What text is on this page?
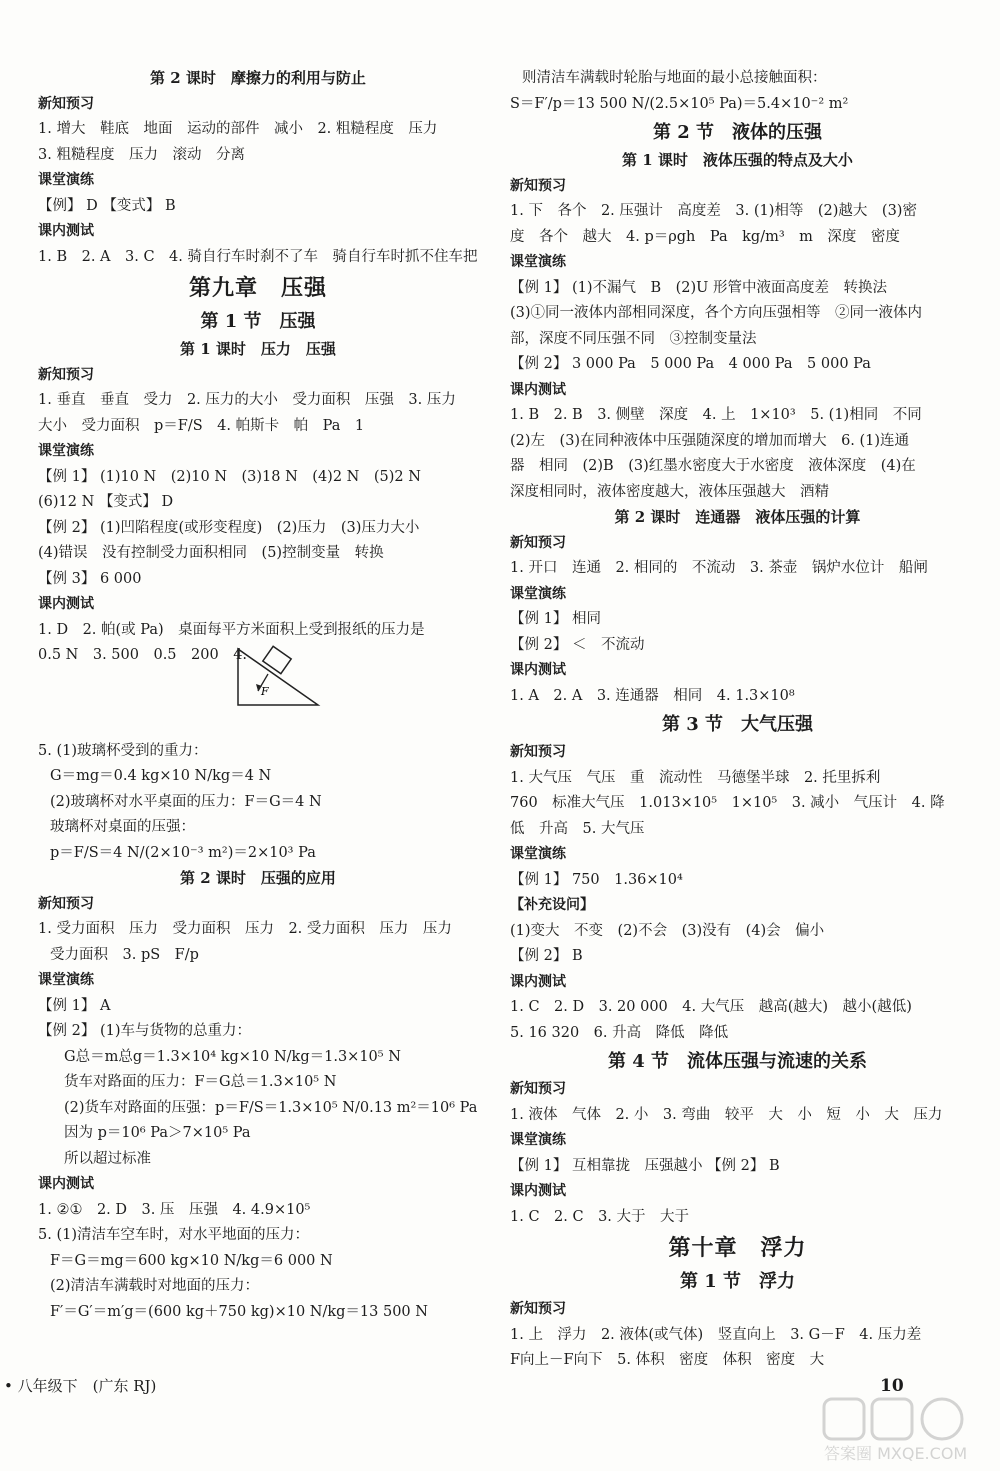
第 2 课时　摩擦力的利用与防止
新知预习
1. 增大　鞋底　地面　运动的部件　减小　2. 粗糙程度　压力
3. 粗糙程度　压力　滚动　分离
课堂演练
【例】 D 【变式】 B
课内测试
1. B　2. A　3. C　4. 骑自行车时刹不了车　骑自行车时抓不住车把
第九章　压强
第 1 节　压强
第 1 课时　压力　压强
新知预习
1. 垂直　垂直　受力　2. 压力的大小　受力面积　压强　3. 压力
大小　受力面积　p＝F/S　4. 帕斯卡　帕　Pa　1
课堂演练
【例 1】 (1)10 N　(2)10 N　(3)18 N　(4)2 N　(5)2 N
(6)12 N 【变式】 D
【例 2】 (1)凹陷程度(或形变程度)　(2)压力　(3)压力大小
(4)错误　没有控制受力面积相同　(5)控制变量　转换
【例 3】 6 000
课内测试
1. D　2. 帕(或 Pa)　桌面每平方米面积上受到报纸的压力是
0.5 N　3. 500　0.5　200　4.
F
5. (1)玻璃杯受到的重力：
G＝mg＝0.4 kg×10 N/kg＝4 N
(2)玻璃杯对水平桌面的压力：F＝G＝4 N
玻璃杯对桌面的压强：
p＝F/S＝4 N/(2×10⁻³ m²)＝2×10³ Pa
第 2 课时　压强的应用
新知预习
1. 受力面积　压力　受力面积　压力　2. 受力面积　压力　压力
受力面积　3. pS　F/p
课堂演练
【例 1】 A
【例 2】 (1)车与货物的总重力：
G总＝m总g＝1.3×10⁴ kg×10 N/kg＝1.3×10⁵ N
货车对路面的压力：F＝G总＝1.3×10⁵ N
(2)货车对路面的压强：p＝F/S＝1.3×10⁵ N/0.13 m²＝10⁶ Pa
因为 p＝10⁶ Pa＞7×10⁵ Pa
所以超过标准
课内测试
1. ②①　2. D　3. 压　压强　4. 4.9×10⁵
5. (1)清洁车空车时，对水平地面的压力：
F＝G＝mg＝600 kg×10 N/kg＝6 000 N
(2)清洁车满载时对地面的压力：
F′＝G′＝m′g＝(600 kg＋750 kg)×10 N/kg＝13 500 N
则清洁车满载时轮胎与地面的最小总接触面积：
S＝F′/p＝13 500 N/(2.5×10⁵ Pa)＝5.4×10⁻² m²
第 2 节　液体的压强
第 1 课时　液体压强的特点及大小
新知预习
1. 下　各个　2. 压强计　高度差　3. (1)相等　(2)越大　(3)密
度　各个　越大　4. p＝ρgh　Pa　kg/m³　m　深度　密度
课堂演练
【例 1】 (1)不漏气　B　(2)U 形管中液面高度差　转换法
(3)①同一液体内部相同深度，各个方向压强相等　②同一液体内
部，深度不同压强不同　③控制变量法
【例 2】 3 000 Pa　5 000 Pa　4 000 Pa　5 000 Pa
课内测试
1. B　2. B　3. 侧壁　深度　4. 上　1×10³　5. (1)相同　不同
(2)左　(3)在同种液体中压强随深度的增加而增大　6. (1)连通
器　相同　(2)B　(3)红墨水密度大于水密度　液体深度　(4)在
深度相同时，液体密度越大，液体压强越大　酒精
第 2 课时　连通器　液体压强的计算
新知预习
1. 开口　连通　2. 相同的　不流动　3. 茶壶　锅炉水位计　船闸
课堂演练
【例 1】 相同
【例 2】 ＜　不流动
课内测试
1. A　2. A　3. 连通器　相同　4. 1.3×10⁸
第 3 节　大气压强
新知预习
1. 大气压　气压　重　流动性　马德堡半球　2. 托里拆利
760　标准大气压　1.013×10⁵　1×10⁵　3. 减小　气压计　4. 降
低　升高　5. 大气压
课堂演练
【例 1】 750　1.36×10⁴
【补充设问】
(1)变大　不变　(2)不会　(3)没有　(4)会　偏小
【例 2】 B
课内测试
1. C　2. D　3. 20 000　4. 大气压　越高(越大)　越小(越低)
5. 16 320　6. 升高　降低　降低
第 4 节　流体压强与流速的关系
新知预习
1. 液体　气体　2. 小　3. 弯曲　较平　大　小　短　小　大　压力
课堂演练
【例 1】 互相靠拢　压强越小 【例 2】 B
课内测试
1. C　2. C　3. 大于　大于
第十章　浮力
第 1 节　浮力
新知预习
1. 上　浮力　2. 液体(或气体)　竖直向上　3. G－F　4. 压力差
F向上－F向下　5. 体积　密度　体积　密度　大
• 八年级下　(广东 RJ)	10
答案圈 MXQE.COM
